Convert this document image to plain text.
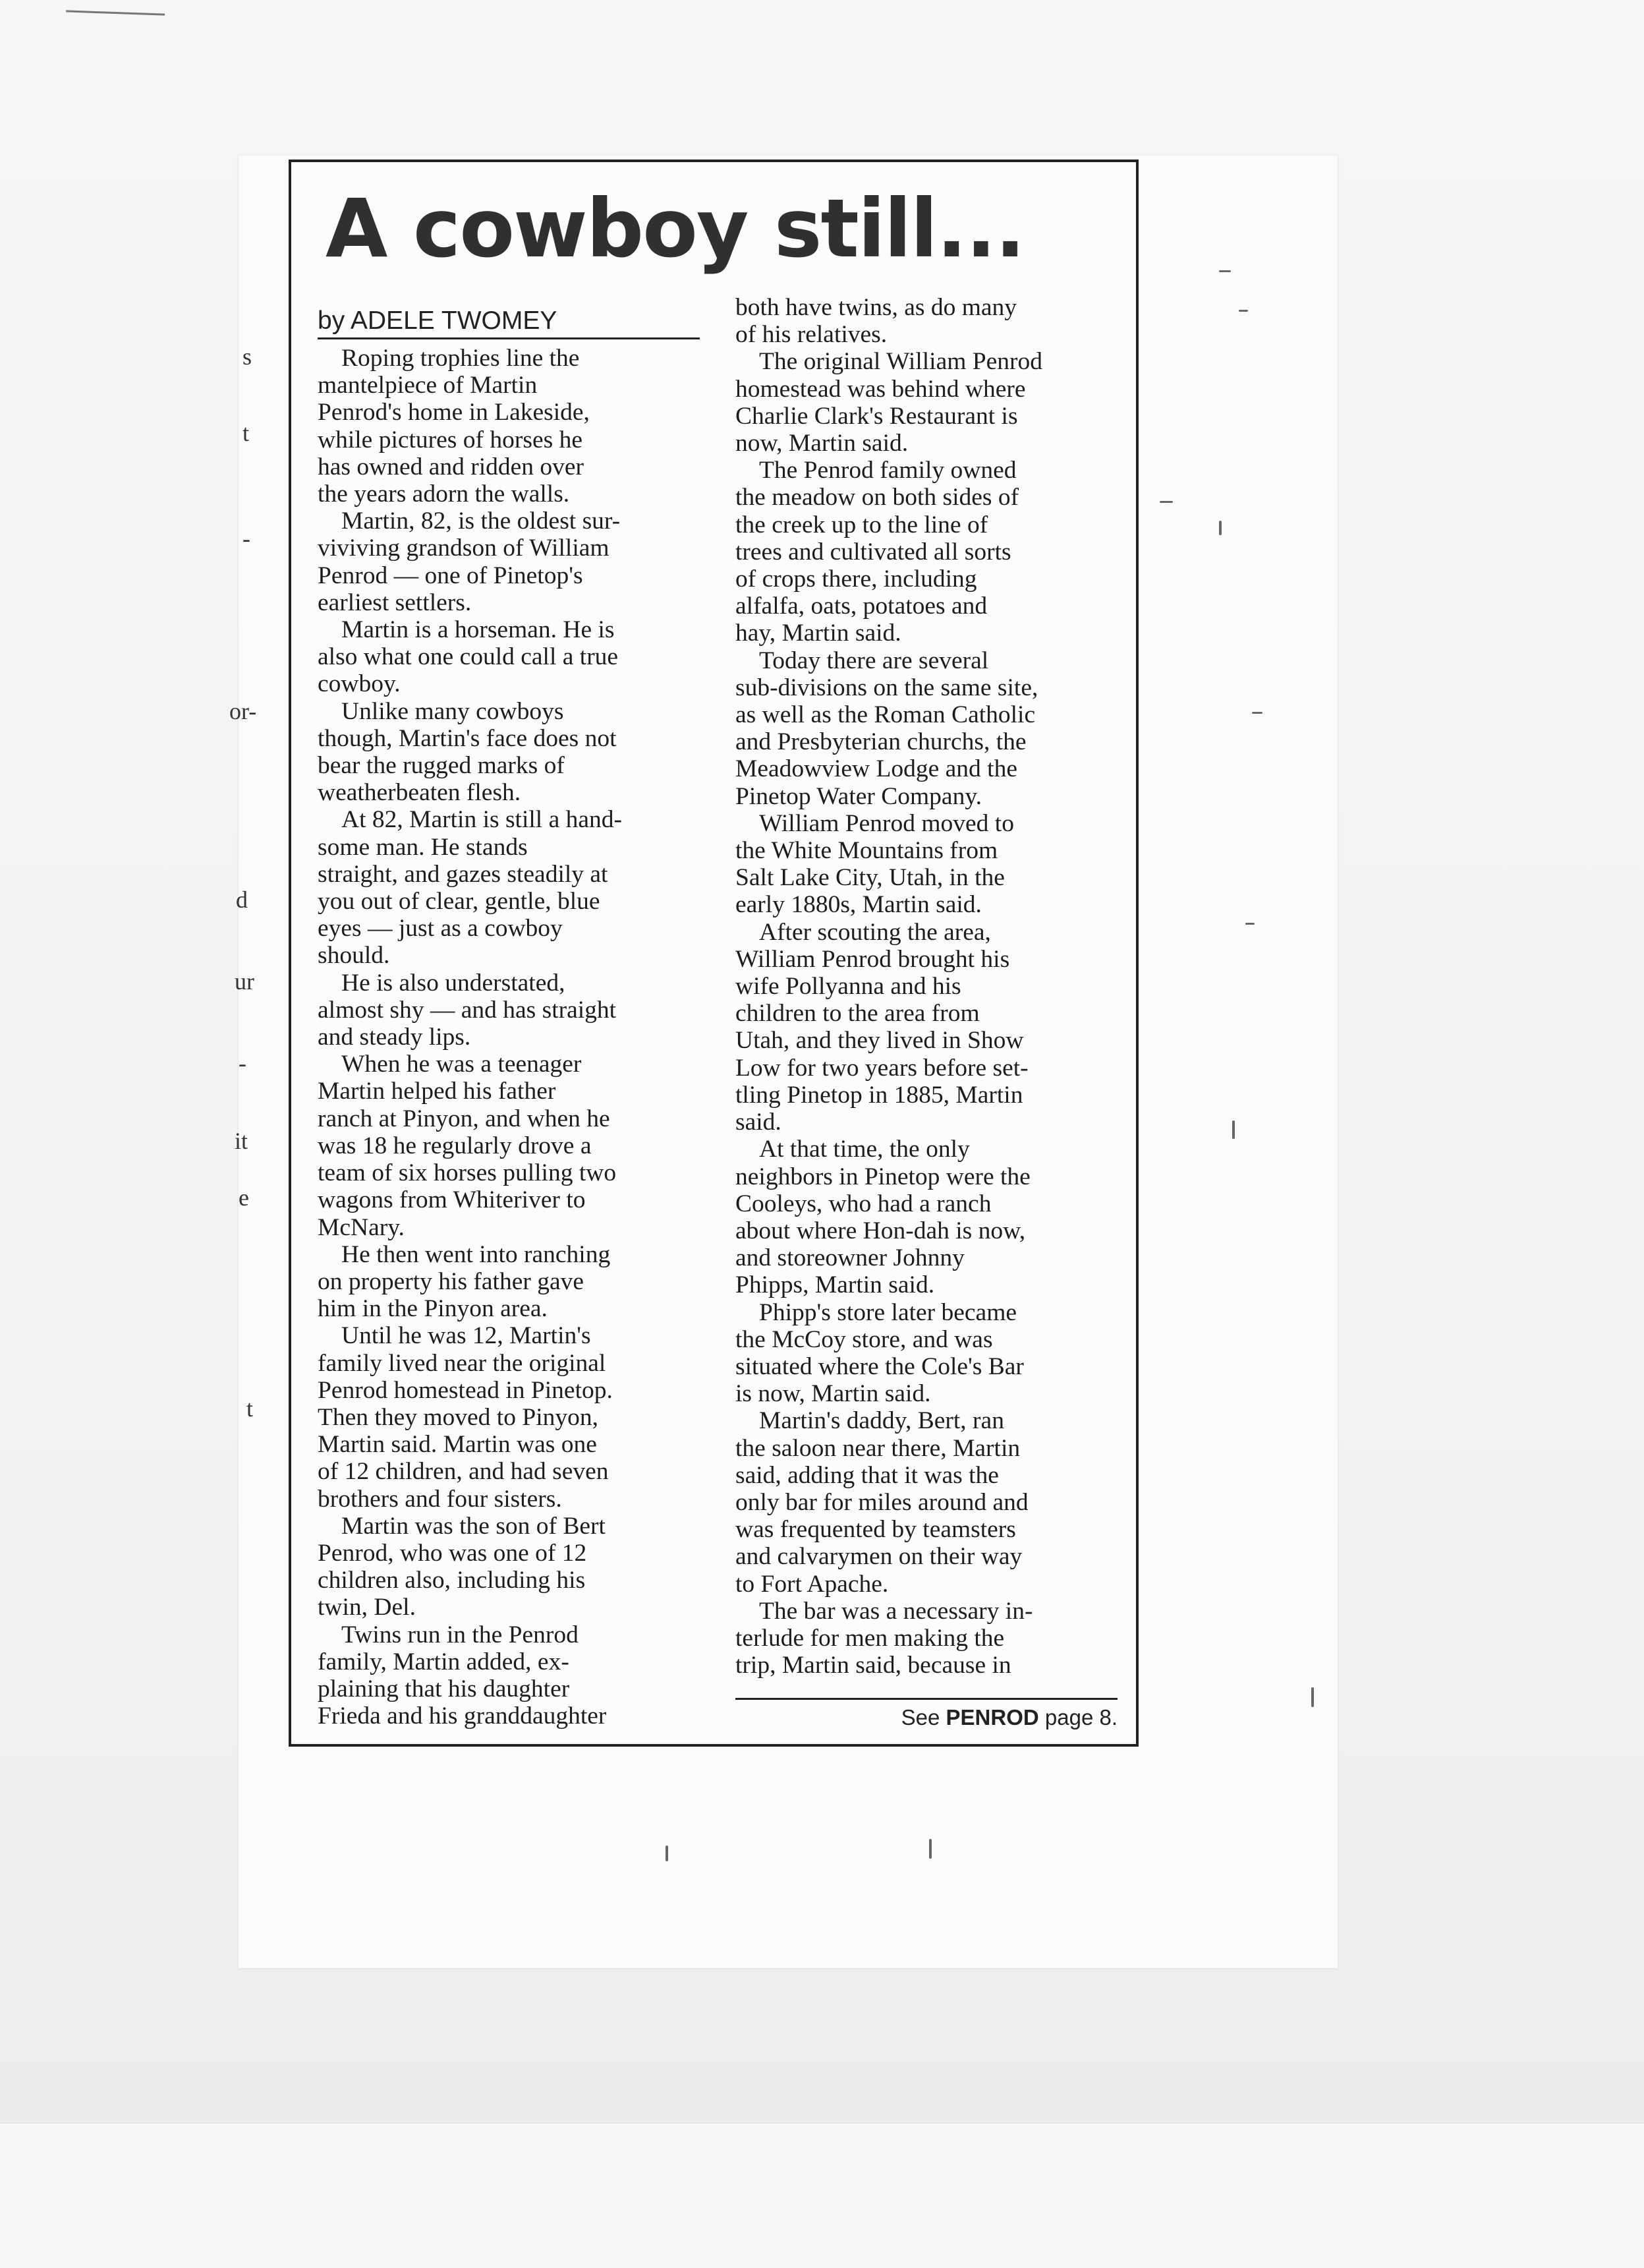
s
t
-
or-
d
ur
-
it
e
t
A cowboy still...
by ADELE TWOMEY
Roping trophies line the
mantelpiece of Martin
Penrod's home in Lakeside,
while pictures of horses he
has owned and ridden over
the years adorn the walls.
Martin, 82, is the oldest sur-
viviving grandson of William
Penrod — one of Pinetop's
earliest settlers.
Martin is a horseman. He is
also what one could call a true
cowboy.
Unlike many cowboys
though, Martin's face does not
bear the rugged marks of
weatherbeaten flesh.
At 82, Martin is still a hand-
some man. He stands
straight, and gazes steadily at
you out of clear, gentle, blue
eyes — just as a cowboy
should.
He is also understated,
almost shy — and has straight
and steady lips.
When he was a teenager
Martin helped his father
ranch at Pinyon, and when he
was 18 he regularly drove a
team of six horses pulling two
wagons from Whiteriver to
McNary.
He then went into ranching
on property his father gave
him in the Pinyon area.
Until he was 12, Martin's
family lived near the original
Penrod homestead in Pinetop.
Then they moved to Pinyon,
Martin said. Martin was one
of 12 children, and had seven
brothers and four sisters.
Martin was the son of Bert
Penrod, who was one of 12
children also, including his
twin, Del.
Twins run in the Penrod
family, Martin added, ex-
plaining that his daughter
Frieda and his granddaughter
both have twins, as do many
of his relatives.
The original William Penrod
homestead was behind where
Charlie Clark's Restaurant is
now, Martin said.
The Penrod family owned
the meadow on both sides of
the creek up to the line of
trees and cultivated all sorts
of crops there, including
alfalfa, oats, potatoes and
hay, Martin said.
Today there are several
sub-divisions on the same site,
as well as the Roman Catholic
and Presbyterian churchs, the
Meadowview Lodge and the
Pinetop Water Company.
William Penrod moved to
the White Mountains from
Salt Lake City, Utah, in the
early 1880s, Martin said.
After scouting the area,
William Penrod brought his
wife Pollyanna and his
children to the area from
Utah, and they lived in Show
Low for two years before set-
tling Pinetop in 1885, Martin
said.
At that time, the only
neighbors in Pinetop were the
Cooleys, who had a ranch
about where Hon-dah is now,
and storeowner Johnny
Phipps, Martin said.
Phipp's store later became
the McCoy store, and was
situated where the Cole's Bar
is now, Martin said.
Martin's daddy, Bert, ran
the saloon near there, Martin
said, adding that it was the
only bar for miles around and
was frequented by teamsters
and calvarymen on their way
to Fort Apache.
The bar was a necessary in-
terlude for men making the
trip, Martin said, because in
See PENROD page 8.
